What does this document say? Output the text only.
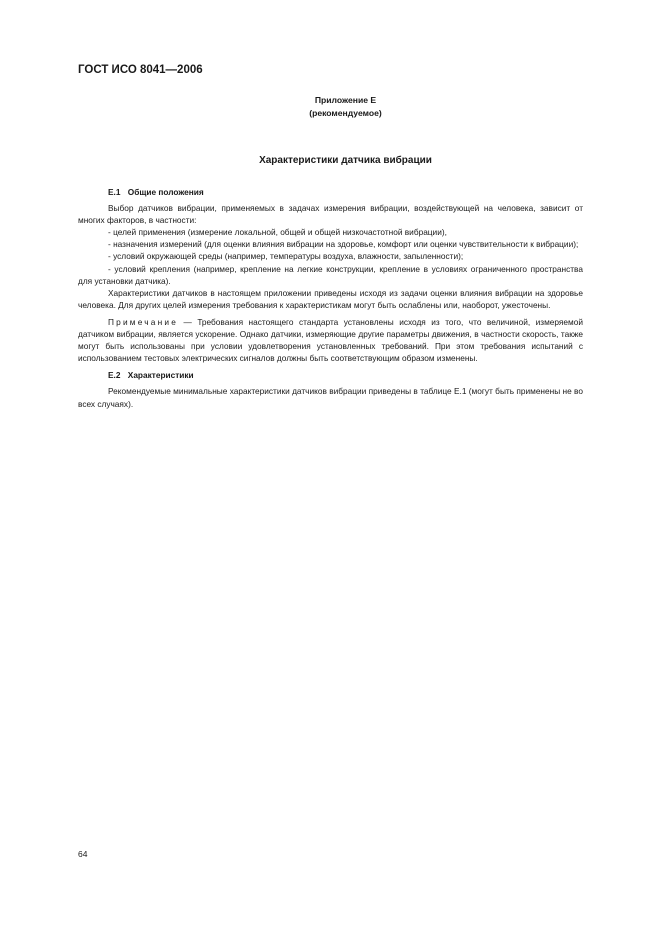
ГОСТ ИСО 8041—2006
Приложение Е
(рекомендуемое)
Характеристики датчика вибрации
Е.1 Общие положения

Выбор датчиков вибрации, применяемых в задачах измерения вибрации, воздействующей на человека, зависит от многих факторов, в частности:

- целей применения (измерение локальной, общей и общей низкочастотной вибрации),

- назначения измерений (для оценки влияния вибрации на здоровье, комфорт или оценки чувствительности к вибрации);

- условий окружающей среды (например, температуры воздуха, влажности, запыленности);

- условий крепления (например, крепление на легкие конструкции, крепление в условиях ограниченного пространства для установки датчика).

Характеристики датчиков в настоящем приложении приведены исходя из задачи оценки влияния вибрации на здоровье человека. Для других целей измерения требования к характеристикам могут быть ослаблены или, наоборот, ужесточены.

Примечание — Требования настоящего стандарта установлены исходя из того, что величиной, измеряемой датчиком вибрации, является ускорение. Однако датчики, измеряющие другие параметры движения, в частности скорость, также могут быть использованы при условии удовлетворения установленных требований. При этом требования испытаний с использованием тестовых электрических сигналов должны быть соответствующим образом изменены.

Е.2 Характеристики

Рекомендуемые минимальные характеристики датчиков вибрации приведены в таблице Е.1 (могут быть применены не во всех случаях).

64
